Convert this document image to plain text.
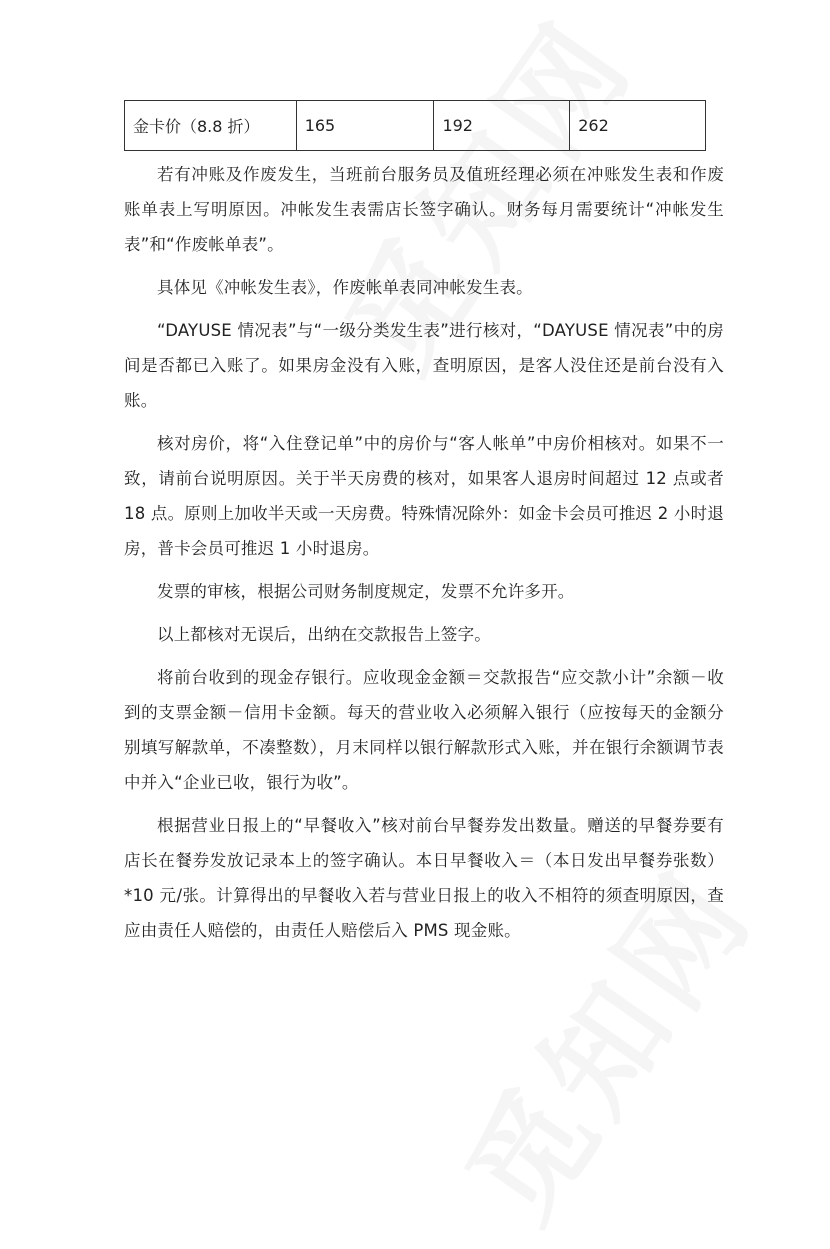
金卡价（8.8 折）	165	192	262

若有冲账及作废发生，当班前台服务员及值班经理必须在冲账发生表和作废账单表上写明原因。冲帐发生表需店长签字确认。财务每月需要统计“冲帐发生表”和“作废帐单表”。

具体见《冲帐发生表》，作废帐单表同冲帐发生表。

“DAYUSE 情况表”与“一级分类发生表”进行核对，“DAYUSE 情况表”中的房间是否都已入账了。如果房金没有入账，查明原因，是客人没住还是前台没有入账。

核对房价，将“入住登记单”中的房价与“客人帐单”中房价相核对。如果不一致，请前台说明原因。关于半天房费的核对，如果客人退房时间超过 12 点或者 18 点。原则上加收半天或一天房费。特殊情况除外：如金卡会员可推迟 2 小时退房，普卡会员可推迟 1 小时退房。

发票的审核，根据公司财务制度规定，发票不允许多开。

以上都核对无误后，出纳在交款报告上签字。

将前台收到的现金存银行。应收现金金额＝交款报告“应交款小计”余额－收到的支票金额－信用卡金额。每天的营业收入必须解入银行（应按每天的金额分别填写解款单，不凑整数），月末同样以银行解款形式入账，并在银行余额调节表中并入“企业已收，银行为收”。

根据营业日报上的“早餐收入”核对前台早餐券发出数量。赠送的早餐券要有店长在餐券发放记录本上的签字确认。本日早餐收入＝（本日发出早餐券张数）*10 元/张。计算得出的早餐收入若与营业日报上的收入不相符的须查明原因，查应由责任人赔偿的，由责任人赔偿后入 PMS 现金账。
